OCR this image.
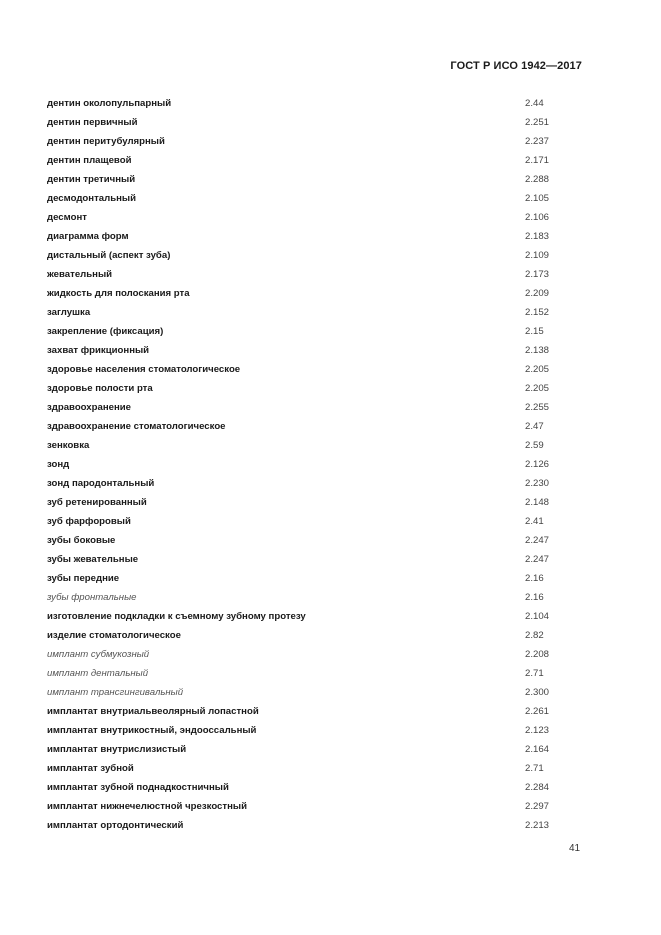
ГОСТ Р ИСО 1942—2017
дентин околопульпарный	2.44
дентин первичный	2.251
дентин перитубулярный	2.237
дентин плащевой	2.171
дентин третичный	2.288
десмодонтальный	2.105
десмонт	2.106
диаграмма форм	2.183
дистальный (аспект зуба)	2.109
жевательный	2.173
жидкость для полоскания рта	2.209
заглушка	2.152
закрепление (фиксация)	2.15
захват фрикционный	2.138
здоровье населения стоматологическое	2.205
здоровье полости рта	2.205
здравоохранение	2.255
здравоохранение стоматологическое	2.47
зенковка	2.59
зонд	2.126
зонд пародонтальный	2.230
зуб ретенированный	2.148
зуб фарфоровый	2.41
зубы боковые	2.247
зубы жевательные	2.247
зубы передние	2.16
зубы фронтальные	2.16
изготовление подкладки к съемному зубному протезу	2.104
изделие стоматологическое	2.82
имплант субмукозный	2.208
имплант дентальный	2.71
имплант трансгингивальный	2.300
имплантат внутриальвеолярный лопастной	2.261
имплантат внутрикостный, эндооссальный	2.123
имплантат внутрислизистый	2.164
имплантат зубной	2.71
имплантат зубной поднадкостничный	2.284
имплантат нижнечелюстной чрезкостный	2.297
имплантат ортодонтический	2.213
41
